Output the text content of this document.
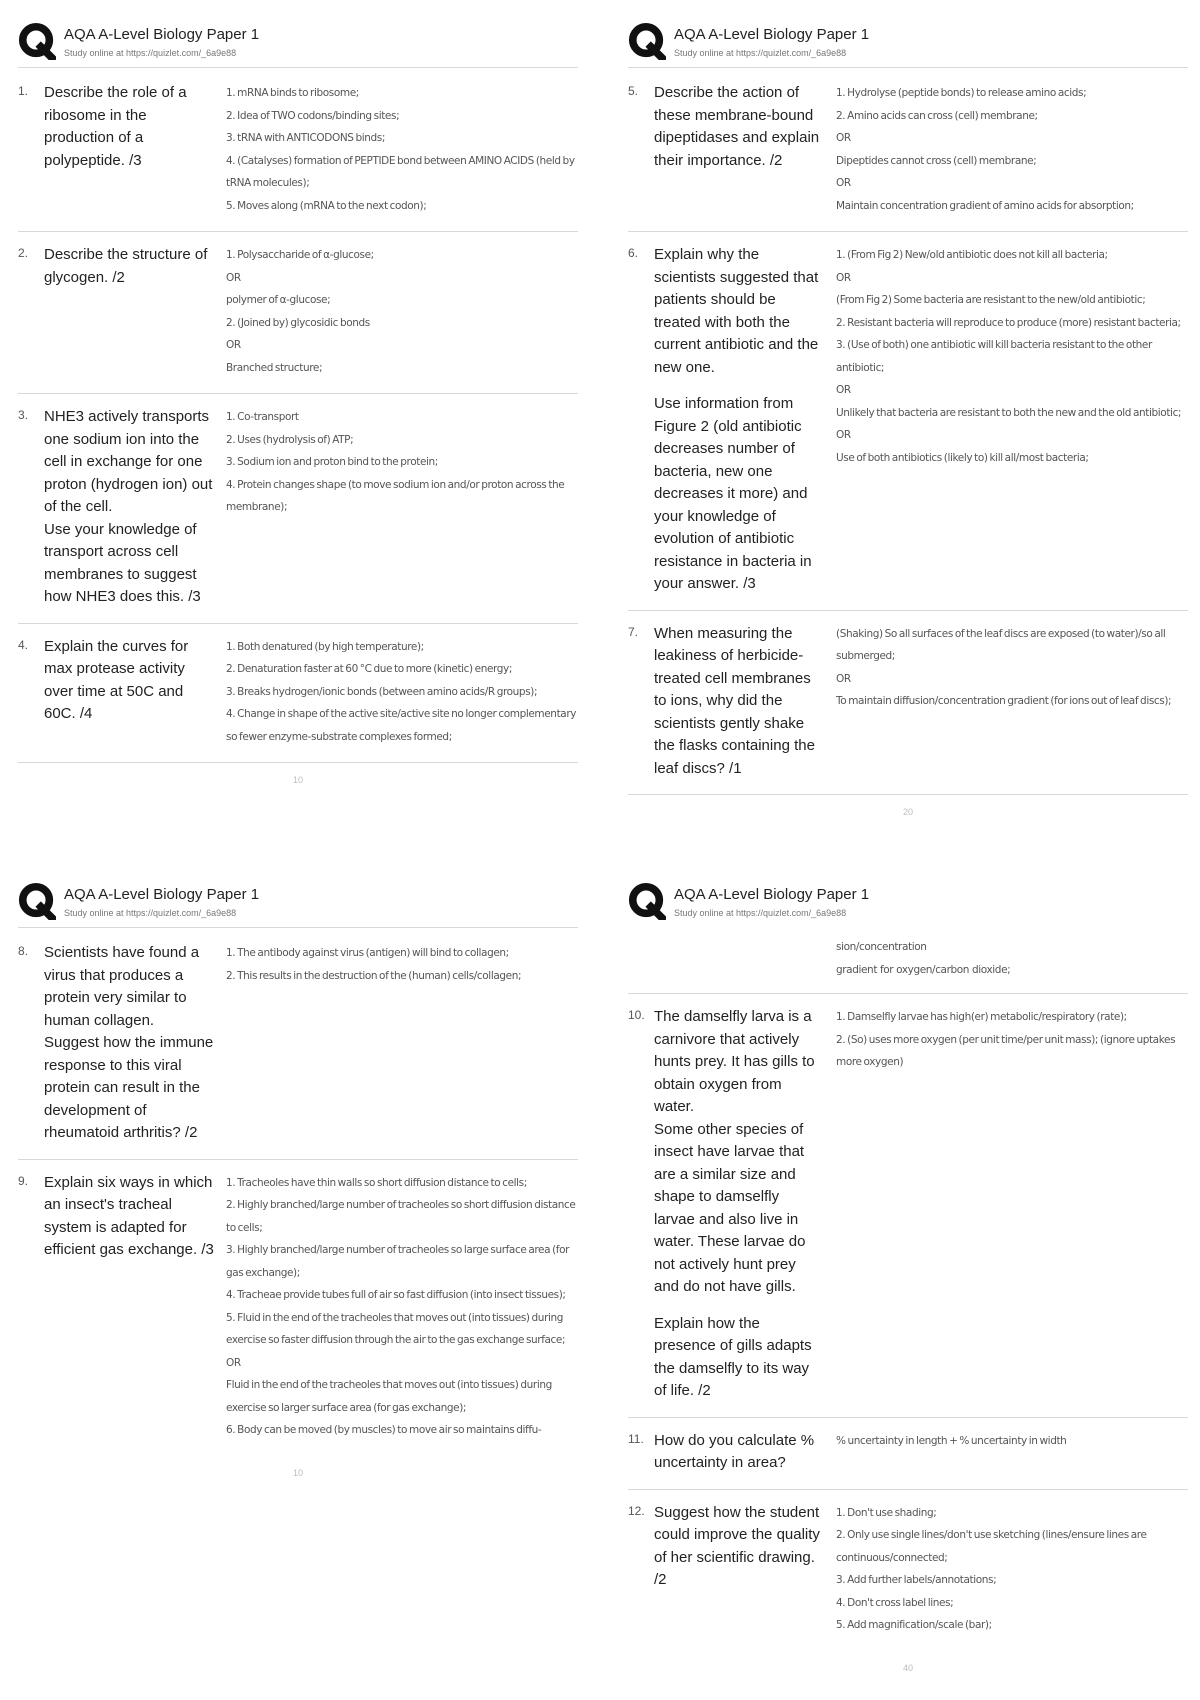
AQA A-Level Biology Paper 1
Study online at https://quizlet.com/_6a9e88
1.	Describe the role of a ribosome in the production of a polypeptide. /3
1. mRNA binds to ribosome;
2. Idea of TWO codons/binding sites;
3. tRNA with ANTICODONS binds;
4. (Catalyses) formation of PEPTIDE bond between AMINO ACIDS (held by tRNA molecules);
5. Moves along (mRNA to the next codon);
2.	Describe the structure of glycogen. /2
1. Polysaccharide of α-glucose;
OR
polymer of α-glucose;
2. (Joined by) glycosidic bonds
OR
Branched structure;
3.	NHE3 actively transports one sodium ion into the cell in exchange for one proton (hydrogen ion) out of the cell.
Use your knowledge of transport across cell membranes to suggest how NHE3 does this. /3
1. Co-transport
2. Uses (hydrolysis of) ATP;
3. Sodium ion and proton bind to the protein;
4. Protein changes shape (to move sodium ion and/or proton across the membrane);
4.	Explain the curves for max protease activity over time at 50C and 60C. /4
1. Both denatured (by high temperature);
2. Denaturation faster at 60 °C due to more (kinetic) energy;
3. Breaks hydrogen/ionic bonds (between amino acids/R groups);
4. Change in shape of the active site/active site no longer complementary so fewer enzyme-substrate complexes formed;
10
AQA A-Level Biology Paper 1
Study online at https://quizlet.com/_6a9e88
5.	Describe the action of these membrane-bound dipeptidases and explain their importance. /2
1. Hydrolyse (peptide bonds) to release amino acids;
2. Amino acids can cross (cell) membrane;
OR
Dipeptides cannot cross (cell) membrane;
OR
Maintain concentration gradient of amino acids for absorption;
6.	Explain why the scientists suggested that patients should be treated with both the current antibiotic and the new one.
Use information from Figure 2 (old antibiotic decreases number of bacteria, new one decreases it more) and your knowledge of evolution of antibiotic resistance in bacteria in your answer. /3
1. (From Fig 2) New/old antibiotic does not kill all bacteria;
OR
(From Fig 2) Some bacteria are resistant to the new/old antibiotic;
2. Resistant bacteria will reproduce to produce (more) resistant bacteria;
3. (Use of both) one antibiotic will kill bacteria resistant to the other antibiotic;
OR
Unlikely that bacteria are resistant to both the new and the old antibiotic;
OR
Use of both antibiotics (likely to) kill all/most bacteria;
7.	When measuring the leakiness of herbicide-treated cell membranes to ions, why did the scientists gently shake the flasks containing the leaf discs? /1
(Shaking) So all surfaces of the leaf discs are exposed (to water)/so all submerged;
OR
To maintain diffusion/concentration gradient (for ions out of leaf discs);
20
AQA A-Level Biology Paper 1
Study online at https://quizlet.com/_6a9e88
8.	Scientists have found a virus that produces a protein very similar to human collagen.
Suggest how the immune response to this viral protein can result in the development of rheumatoid arthritis? /2
1. The antibody against virus (antigen) will bind to collagen;
2. This results in the destruction of the (human) cells/collagen;
9.	Explain six ways in which an insect's tracheal system is adapted for efficient gas exchange. /3
1. Tracheoles have thin walls so short diffusion distance to cells;
2. Highly branched/large number of tracheoles so short diffusion distance to cells;
3. Highly branched/large number of tracheoles so large surface area (for gas exchange);
4. Tracheae provide tubes full of air so fast diffusion (into insect tissues);
5. Fluid in the end of the tracheoles that moves out (into tissues) during exercise so faster diffusion through the air to the gas exchange surface;
OR
Fluid in the end of the tracheoles that moves out (into tissues) during exercise so larger surface area (for gas exchange);
6. Body can be moved (by muscles) to move air so maintains diffu-
10
AQA A-Level Biology Paper 1
Study online at https://quizlet.com/_6a9e88
sion/concentration
gradient for oxygen/carbon dioxide;
10. The damselfly larva is a carnivore that actively hunts prey. It has gills to obtain oxygen from water.
Some other species of insect have larvae that are a similar size and shape to damselfly larvae and also live in water. These larvae do not actively hunt prey and do not have gills.
Explain how the presence of gills adapts the damselfly to its way of life. /2
1. Damselfly larvae has high(er) metabolic/respiratory (rate);
2. (So) uses more oxygen (per unit time/per unit mass); (ignore uptakes more oxygen)
11. How do you calculate % uncertainty in area?
% uncertainty in length + % uncertainty in width
12. Suggest how the student could improve the quality of her scientific drawing. /2
1. Don't use shading;
2. Only use single lines/don't use sketching (lines/ensure lines are continuous/connected;
3. Add further labels/annotations;
4. Don't cross label lines;
5. Add magnification/scale (bar);
40
